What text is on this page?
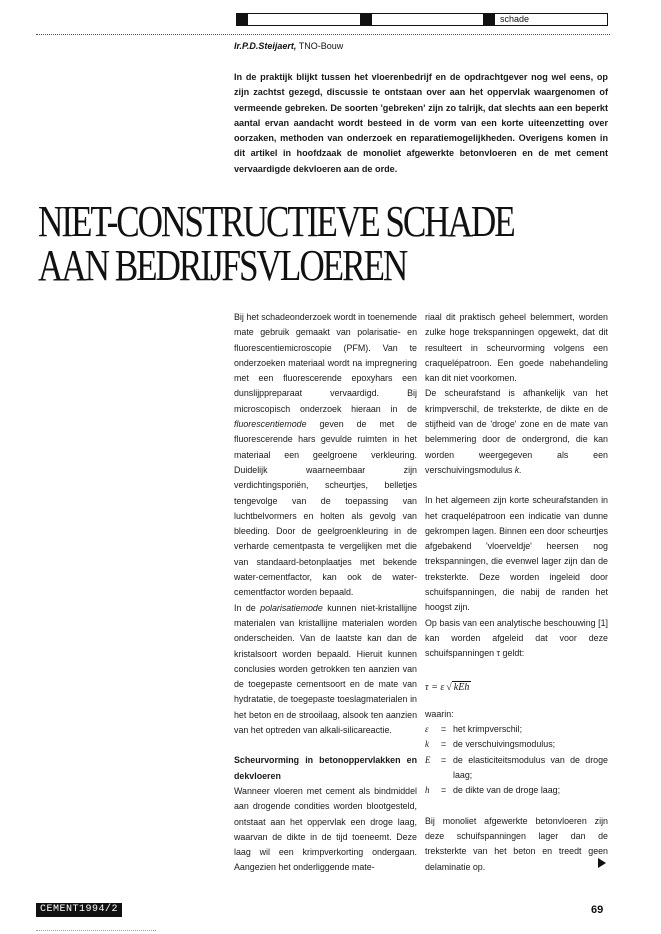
schade
Ir.P.D.Steijaert, TNO-Bouw

In de praktijk blijkt tussen het vloerenbedrijf en de opdrachtgever nog wel eens, op zijn zachtst gezegd, discussie te ontstaan over aan het oppervlak waargenomen of vermeende gebreken. De soorten 'gebreken' zijn zo talrijk, dat slechts aan een beperkt aantal ervan aandacht wordt besteed in de vorm van een korte uiteenzetting over oorzaken, methoden van onderzoek en reparatiemogelijkheden. Overigens komen in dit artikel in hoofdzaak de monoliet afgewerkte betonvloeren en de met cement vervaardigde dekvloeren aan de orde.

NIET-CONSTRUCTIEVE SCHADE
AAN BEDRIJFSVLOEREN

Bij het schadeonderzoek wordt in toenemende mate gebruik gemaakt van polarisatie- en fluorescentiemicroscopie (PFM). Van te onderzoeken materiaal wordt na impregnering met een fluorescerende epoxyhars een dunslijppreparaat vervaardigd. Bij microscopisch onderzoek hieraan in de fluorescentiemode geven de met de fluorescerende hars gevulde ruimten in het materiaal een geelgroene verkleuring. Duidelijk waarneembaar zijn verdichtingsporiën, scheurtjes, belletjes tengevolge van de toepassing van luchtbelvormers en holten als gevolg van bleeding. Door de geelgroenkleuring in de verharde cementpasta te vergelijken met die van standaard-betonplaatjes met bekende water-cementfactor, kan ook de water-cementfactor worden bepaald.

In de polarisatiemode kunnen niet-kristallijne materialen van kristallijne materialen worden onderscheiden. Van de laatste kan dan de kristalsoort worden bepaald. Hieruit kunnen conclusies worden getrokken ten aanzien van de toegepaste cementsoort en de mate van hydratatie, de toegepaste toeslagmaterialen in het beton en de strooilaag, alsook ten aanzien van het optreden van alkali-silicareactie.

Scheurvorming in betonoppervlakken en dekvloeren

Wanneer vloeren met cement als bindmiddel aan drogende condities worden blootgesteld, ontstaat aan het oppervlak een droge laag, waarvan de dikte in de tijd toeneemt. Deze laag wil een krimpverkorting ondergaan. Aangezien het onderliggende mate-

riaal dit praktisch geheel belemmert, worden zulke hoge trekspanningen opgewekt, dat dit resulteert in scheurvorming volgens een craquelépatroon. Een goede nabehandeling kan dit niet voorkomen.

De scheurafstand is afhankelijk van het krimpverschil, de treksterkte, de dikte en de stijfheid van de 'droge' zone en de mate van belemmering door de ondergrond, die kan worden weergegeven als een verschuivingsmodulus k.

In het algemeen zijn korte scheurafstanden in het craquelépatroon een indicatie van dunne gekrompen lagen. Binnen een door scheurtjes afgebakend 'vloerveldje' heersen nog trekspanningen, die evenwel lager zijn dan de treksterkte. Deze worden ingeleid door schuifspanningen, die nabij de randen het hoogst zijn.

Op basis van een analytische beschouwing [1] kan worden afgeleid dat voor deze schuifspanningen τ geldt:

τ = ε √ kEh

waarin:

ε	= het krimpverschil;
k	= de verschuivingsmodulus;
E	= de elasticiteitsmodulus van de droge laag;
h	= de dikte van de droge laag;

Bij monoliet afgewerkte betonvloeren zijn deze schuifspanningen lager dan de treksterkte van het beton en treedt geen delaminatie op.

CEMENT1994/2	69
